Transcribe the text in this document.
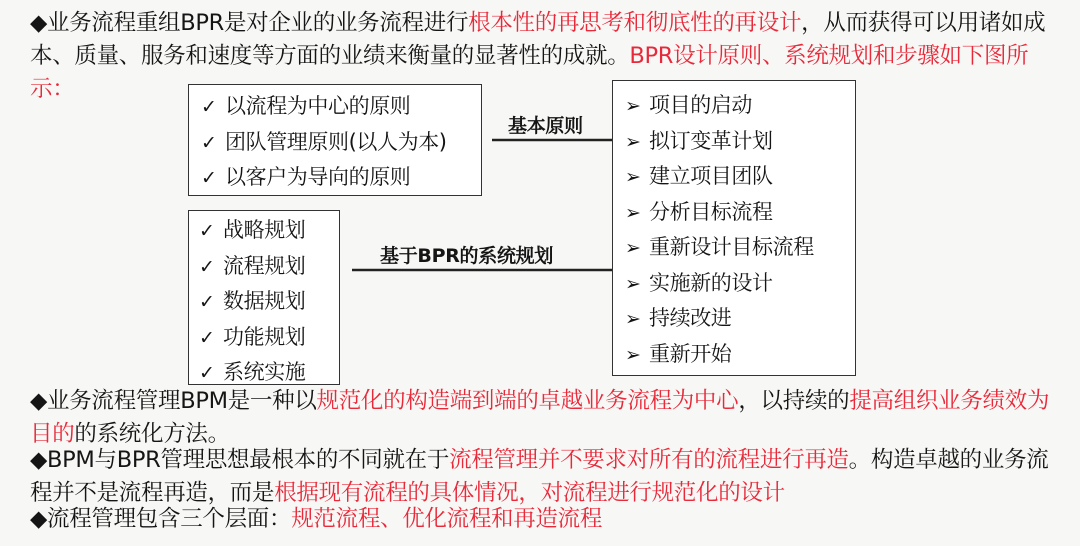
◆业务流程重组BPR是对企业的业务流程进行根本性的再思考和彻底性的再设计，从而获得可以用诸如成本、质量、服务和速度等方面的业绩来衡量的显著性的成就。BPR设计原则、系统规划和步骤如下图所示：

✓ 以流程为中心的原则
✓ 团队管理原则(以人为本)
✓ 以客户为导向的原则
✓ 战略规划
✓ 流程规划
✓ 数据规划
✓ 功能规划
✓ 系统实施
➢ 项目的启动
➢ 拟订变革计划
➢ 建立项目团队
➢ 分析目标流程
➢ 重新设计目标流程
➢ 实施新的设计
➢ 持续改进
➢ 重新开始
基本原则
基于BPR的系统规划

◆业务流程管理BPM是一种以规范化的构造端到端的卓越业务流程为中心，以持续的提高组织业务绩效为目的的系统化方法。

◆BPM与BPR管理思想最根本的不同就在于流程管理并不要求对所有的流程进行再造。构造卓越的业务流程并不是流程再造，而是根据现有流程的具体情况，对流程进行规范化的设计

◆流程管理包含三个层面：规范流程、优化流程和再造流程
